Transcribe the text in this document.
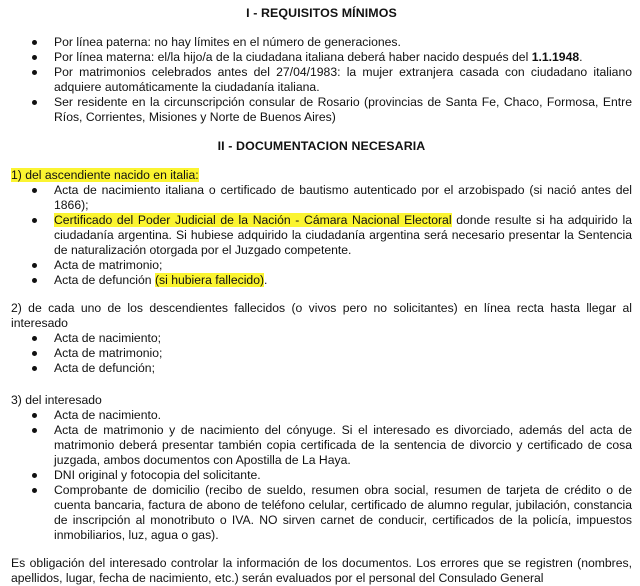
I - REQUISITOS MÍNIMOS

Por línea paterna: no hay límites en el número de generaciones.
Por línea materna: el/la hijo/a de la ciudadana italiana deberá haber nacido después del 1.1.1948.
Por matrimonios celebrados antes del 27/04/1983: la mujer extranjera casada con ciudadano italiano adquiere automáticamente la ciudadanía italiana.
Ser residente en la circunscripción consular de Rosario (provincias de Santa Fe, Chaco, Formosa, Entre Ríos, Corrientes, Misiones y Norte de Buenos Aires)

II - DOCUMENTACION NECESARIA

1) del ascendiente nacido en italia:

Acta de nacimiento italiana o certificado de bautismo autenticado por el arzobispado (si nació antes del 1866);
Certificado del Poder Judicial de la Nación - Cámara Nacional Electoral donde resulte si ha adquirido la ciudadanía argentina. Si hubiese adquirido la ciudadanía argentina será necesario presentar la Sentencia de naturalización otorgada por el Juzgado competente.
Acta de matrimonio;
Acta de defunción (si hubiera fallecido).

2) de cada uno de los descendientes fallecidos (o vivos pero no solicitantes) en línea recta hasta llegar al interesado

Acta de nacimiento;
Acta de matrimonio;
Acta de defunción;

3) del interesado

Acta de nacimiento.
Acta de matrimonio y de nacimiento del cónyuge. Si el interesado es divorciado, además del acta de matrimonio deberá presentar también copia certificada de la sentencia de divorcio y certificado de cosa juzgada, ambos documentos con Apostilla de La Haya.
DNI original y fotocopia del solicitante.
Comprobante de domicilio (recibo de sueldo, resumen obra social, resumen de tarjeta de crédito o de cuenta bancaria, factura de abono de teléfono celular, certificado de alumno regular, jubilación, constancia de inscripción al monotributo o IVA. NO sirven carnet de conducir, certificados de la policía, impuestos inmobiliarios, luz, agua o gas).

Es obligación del interesado controlar la información de los documentos. Los errores que se registren (nombres, apellidos, lugar, fecha de nacimiento, etc.) serán evaluados por el personal del Consulado General
